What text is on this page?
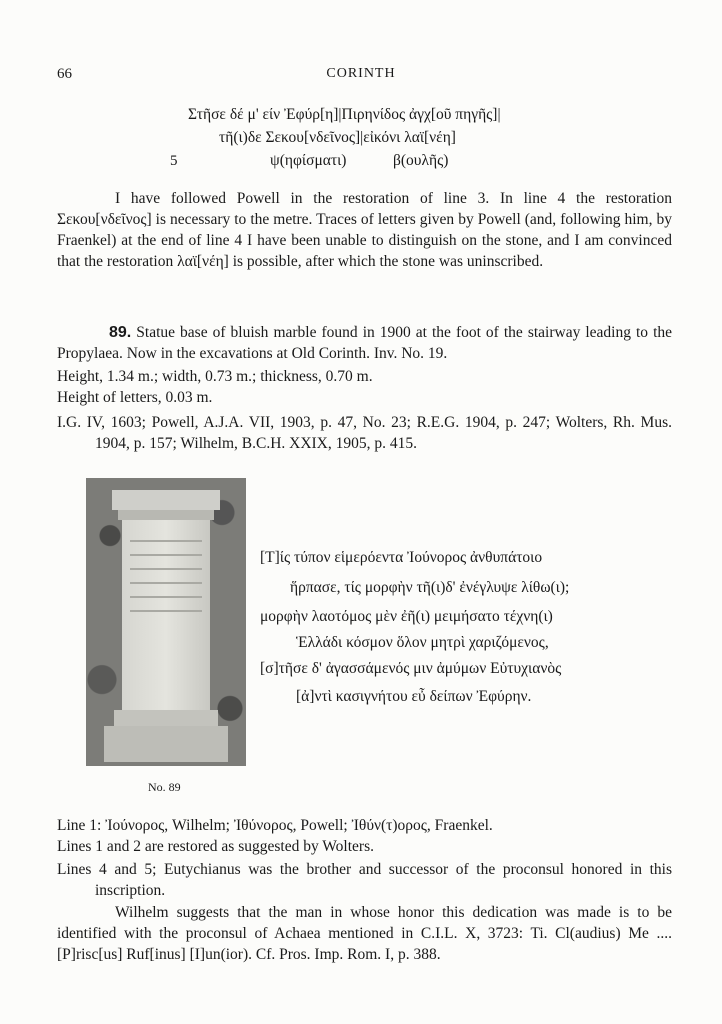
66	CORINTH
Στῆσε δέ μ' είν Ἐφύρ[η]|Πιρηνίδος ἀγχ[οῦ πηγῆς]|
τῆ(ι)δε Σεκου[νδεῖνος]|εἰκόνι λαϊ[νέη]
5	ψ(ηφίσματι)	β(ουλῆς)
I have followed Powell in the restoration of line 3. In line 4 the restoration Σεκου[νδεῖνος] is necessary to the metre. Traces of letters given by Powell (and, following him, by Fraenkel) at the end of line 4 I have been unable to distinguish on the stone, and I am convinced that the restoration λαϊ[νέη] is possible, after which the stone was uninscribed.
89. Statue base of bluish marble found in 1900 at the foot of the stairway leading to the Propylaea. Now in the excavations at Old Corinth. Inv. No. 19.
Height, 1.34 m.; width, 0.73 m.; thickness, 0.70 m.
Height of letters, 0.03 m.
I.G. IV, 1603; Powell, A.J.A. VII, 1903, p. 47, No. 23; R.E.G. 1904, p. 247; Wolters, Rh. Mus. 1904, p. 157; Wilhelm, B.C.H. XXIX, 1905, p. 415.
No. 89
[Τ]ίς τύπον εἱμερόεντα Ἰούνορος ἀνθυπάτοιο
ἥρπασε, τίς μορφὴν τῆ(ι)δ' ἐνέγλυψε λίθω(ι);
μορφὴν λαοτόμος μὲν ἐῆ(ι) μειμήσατο τέχνη(ι)
Ἑλλάδι κόσμον ὅλον μητρὶ χαριζόμενος,
[σ]τῆσε δ' ἀγασσάμενός μιν ἀμύμων Εὐτυχιανὸς
[ἀ]ντὶ κασιγνήτου εὖ δείπων Ἐφύρην.
Line 1: Ἰούνορος, Wilhelm; Ἰθύνορος, Powell; Ἰθύν(τ)ορος, Fraenkel.
Lines 1 and 2 are restored as suggested by Wolters.
Lines 4 and 5; Eutychianus was the brother and successor of the proconsul honored in this inscription.
Wilhelm suggests that the man in whose honor this dedication was made is to be identified with the proconsul of Achaea mentioned in C.I.L. X, 3723: Ti. Cl(audius) Me .... [P]risc[us] Ruf[inus] [I]un(ior). Cf. Pros. Imp. Rom. I, p. 388.
